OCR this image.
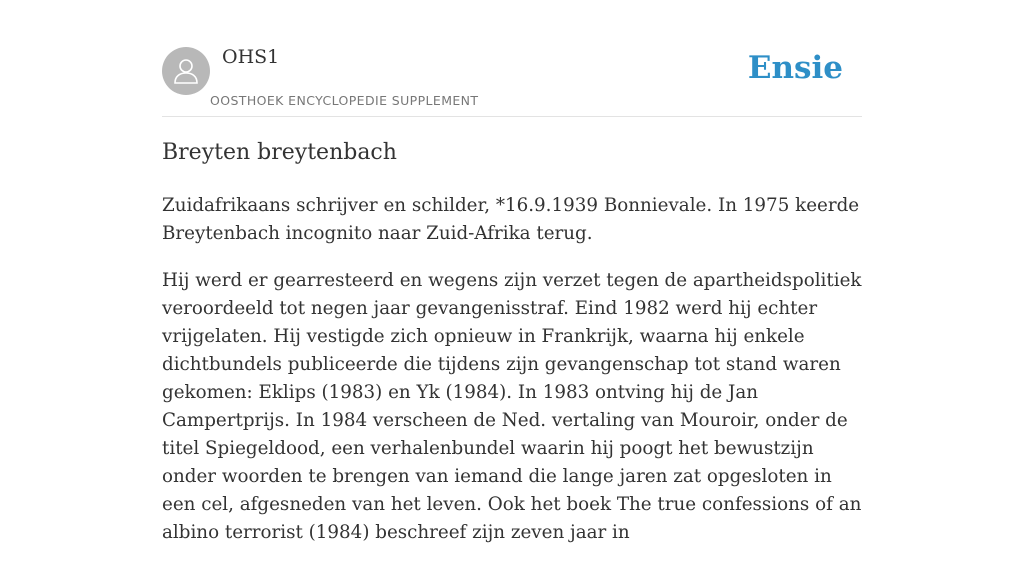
OHS1
OOSTHOEK ENCYCLOPEDIE SUPPLEMENT
Ensie
Breyten breytenbach

Zuidafrikaans schrijver en schilder, *16.9.1939 Bonnievale. In 1975 keerde Breytenbach incognito naar Zuid-Afrika terug.

Hij werd er gearresteerd en wegens zijn verzet tegen de apartheidspolitiek veroordeeld tot negen jaar gevangenisstraf. Eind 1982 werd hij echter vrijgelaten. Hij vestigde zich opnieuw in Frankrijk, waarna hij enkele dichtbundels publiceerde die tijdens zijn gevangenschap tot stand waren gekomen: Eklips (1983) en Yk (1984). In 1983 ontving hij de Jan Campertprijs. In 1984 verscheen de Ned. vertaling van Mouroir, onder de titel Spiegeldood, een verhalenbundel waarin hij poogt het bewustzijn onder woorden te brengen van iemand die lange jaren zat opgesloten in een cel, afgesneden van het leven. Ook het boek The true confessions of an albino terrorist (1984) beschreef zijn zeven jaar in
